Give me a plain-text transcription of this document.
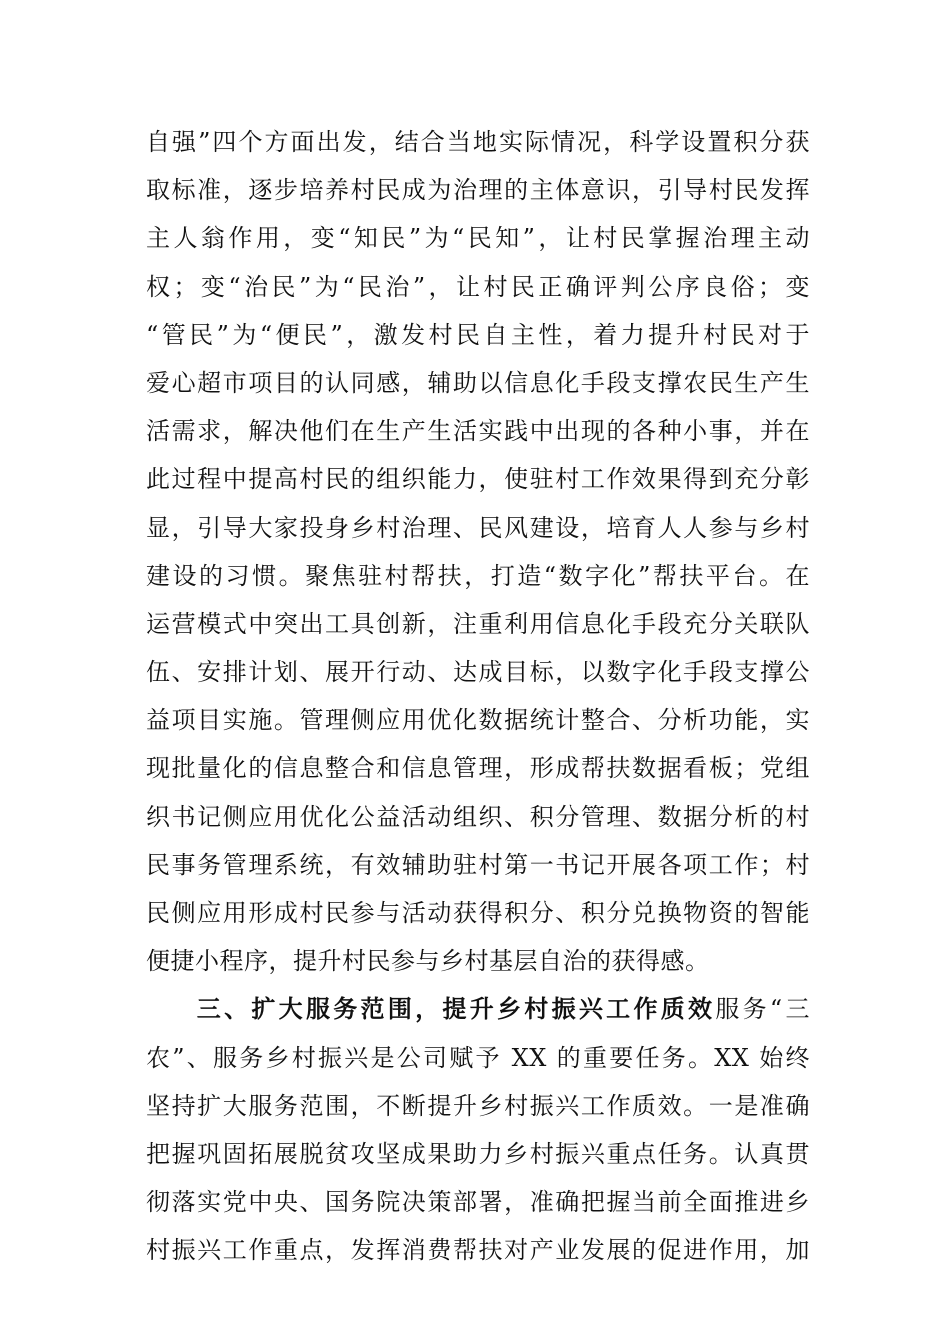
自强”四个方面出发，结合当地实际情况，科学设置积分获
取标准，逐步培养村民成为治理的主体意识，引导村民发挥
主人翁作用，变“知民”为“民知”，让村民掌握治理主动
权；变“治民”为“民治”，让村民正确评判公序良俗；变
“管民”为“便民”，激发村民自主性，着力提升村民对于
爱心超市项目的认同感，辅助以信息化手段支撑农民生产生
活需求，解决他们在生产生活实践中出现的各种小事，并在
此过程中提高村民的组织能力，使驻村工作效果得到充分彰
显，引导大家投身乡村治理、民风建设，培育人人参与乡村
建设的习惯。聚焦驻村帮扶，打造“数字化”帮扶平台。在
运营模式中突出工具创新，注重利用信息化手段充分关联队
伍、安排计划、展开行动、达成目标，以数字化手段支撑公
益项目实施。管理侧应用优化数据统计整合、分析功能，实
现批量化的信息整合和信息管理，形成帮扶数据看板；党组
织书记侧应用优化公益活动组织、积分管理、数据分析的村
民事务管理系统，有效辅助驻村第一书记开展各项工作；村
民侧应用形成村民参与活动获得积分、积分兑换物资的智能
便捷小程序，提升村民参与乡村基层自治的获得感。
三、扩大服务范围，提升乡村振兴工作质效服务“三
农”、服务乡村振兴是公司赋予 XX 的重要任务。XX 始终
坚持扩大服务范围，不断提升乡村振兴工作质效。一是准确
把握巩固拓展脱贫攻坚成果助力乡村振兴重点任务。认真贯
彻落实党中央、国务院决策部署，准确把握当前全面推进乡
村振兴工作重点，发挥消费帮扶对产业发展的促进作用，加
